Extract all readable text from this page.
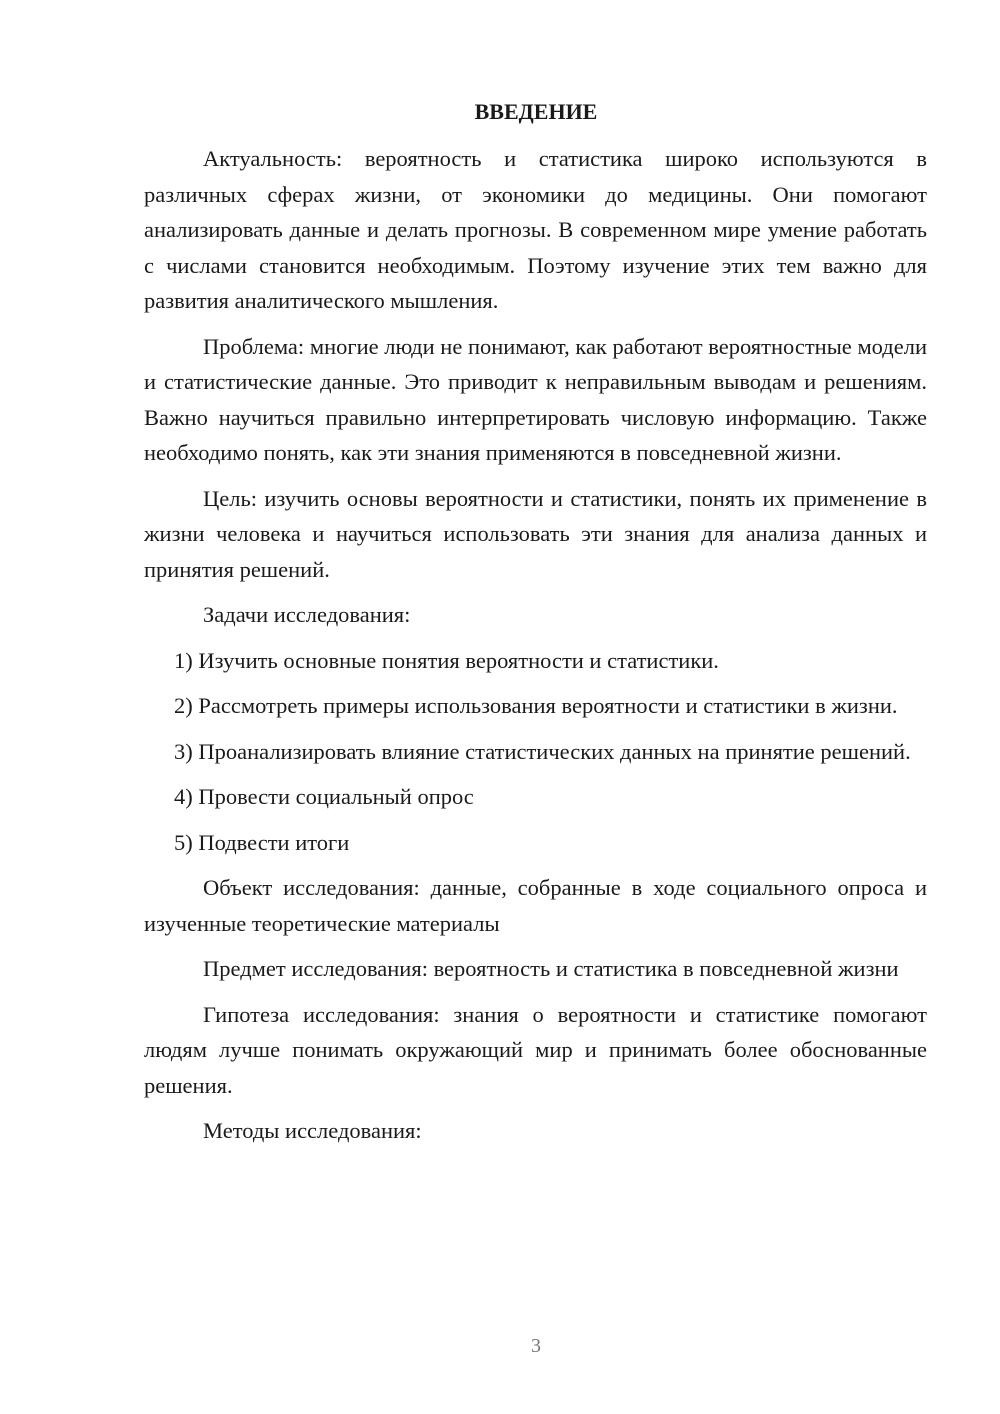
ВВЕДЕНИЕ

Актуальность: вероятность и статистика широко используются в различных сферах жизни, от экономики до медицины. Они помогают анализировать данные и делать прогнозы. В современном мире умение работать с числами становится необходимым. Поэтому изучение этих тем важно для развития аналитического мышления.

Проблема: многие люди не понимают, как работают вероятностные модели и статистические данные. Это приводит к неправильным выводам и решениям. Важно научиться правильно интерпретировать числовую информацию. Также необходимо понять, как эти знания применяются в повседневной жизни.

Цель: изучить основы вероятности и статистики, понять их применение в жизни человека и научиться использовать эти знания для анализа данных и принятия решений.

Задачи исследования:

1) Изучить основные понятия вероятности и статистики.

2) Рассмотреть примеры использования вероятности и статистики в жизни.

3) Проанализировать влияние статистических данных на принятие решений.

4) Провести социальный опрос

5) Подвести итоги

Объект исследования: данные, собранные в ходе социального опроса и изученные теоретические материалы

Предмет исследования: вероятность и статистика в повседневной жизни

Гипотеза исследования: знания о вероятности и статистике помогают людям лучше понимать окружающий мир и принимать более обоснованные решения.

Методы исследования:

3
